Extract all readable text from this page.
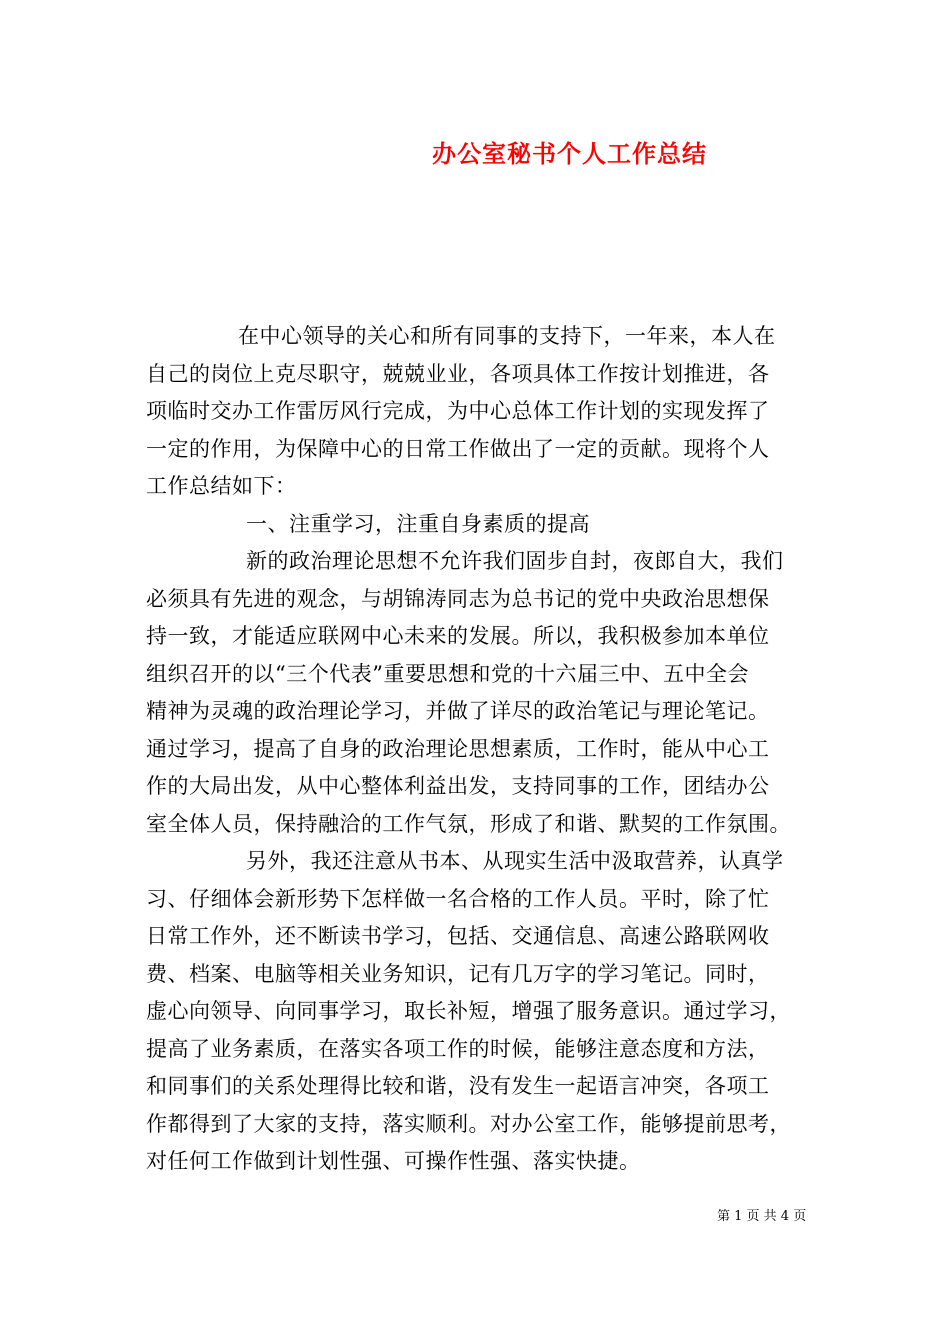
办公室秘书个人工作总结
在中心领导的关心和所有同事的支持下，一年来，本人在
自己的岗位上克尽职守，兢兢业业，各项具体工作按计划推进，各
项临时交办工作雷厉风行完成，为中心总体工作计划的实现发挥了
一定的作用，为保障中心的日常工作做出了一定的贡献。现将个人
工作总结如下：
一、注重学习，注重自身素质的提高
新的政治理论思想不允许我们固步自封，夜郎自大，我们
必须具有先进的观念，与胡锦涛同志为总书记的党中央政治思想保
持一致，才能适应联网中心未来的发展。所以，我积极参加本单位
组织召开的以“三个代表”重要思想和党的十六届三中、五中全会
精神为灵魂的政治理论学习，并做了详尽的政治笔记与理论笔记。
通过学习，提高了自身的政治理论思想素质，工作时，能从中心工
作的大局出发，从中心整体利益出发，支持同事的工作，团结办公
室全体人员，保持融洽的工作气氛，形成了和谐、默契的工作氛围。
另外，我还注意从书本、从现实生活中汲取营养，认真学
习、仔细体会新形势下怎样做一名合格的工作人员。平时，除了忙
日常工作外，还不断读书学习，包括、交通信息、高速公路联网收
费、档案、电脑等相关业务知识，记有几万字的学习笔记。同时，
虚心向领导、向同事学习，取长补短，增强了服务意识。通过学习，
提高了业务素质，在落实各项工作的时候，能够注意态度和方法，
和同事们的关系处理得比较和谐，没有发生一起语言冲突，各项工
作都得到了大家的支持，落实顺利。对办公室工作，能够提前思考，
对任何工作做到计划性强、可操作性强、落实快捷。
第 1 页 共 4 页
